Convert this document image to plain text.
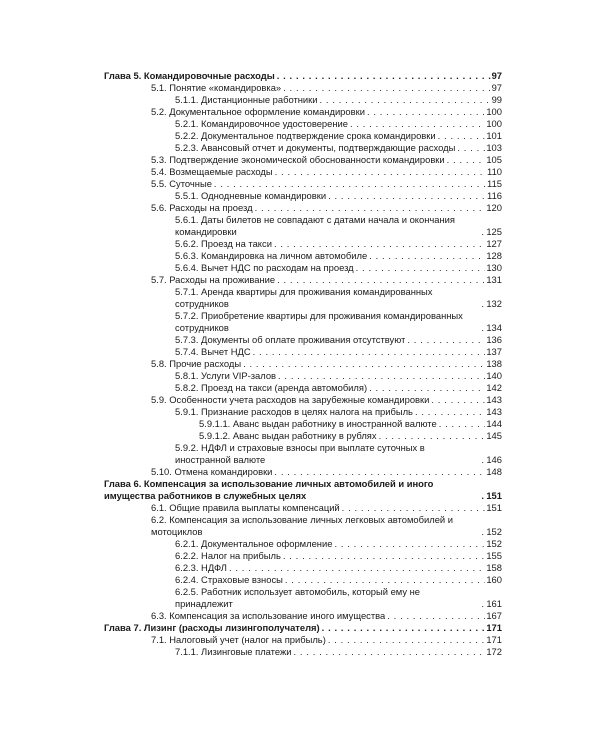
Глава 5. Командировочные расходы . . .	97
5.1. Понятие «командировка» . . .	97
5.1.1. Дистанционные работники . . .	99
5.2. Документальное оформление командировки . . .	100
5.2.1. Командировочное удостоверение . . .	100
5.2.2. Документальное подтверждение срока командировки . . .	101
5.2.3. Авансовый отчет и документы, подтверждающие расходы . . .	103
5.3. Подтверждение экономической обоснованности командировки . . .	105
5.4. Возмещаемые расходы . . .	110
5.5. Суточные . . .	115
5.5.1. Однодневные командировки . . .	116
5.6. Расходы на проезд . . .	120
5.6.1. Даты билетов не совпадают с датами начала и окончания командировки . . .	125
5.6.2. Проезд на такси . . .	127
5.6.3. Командировка на личном автомобиле . . .	128
5.6.4. Вычет НДС по расходам на проезд . . .	130
5.7. Расходы на проживание . . .	131
5.7.1. Аренда квартиры для проживания командированных сотрудников . . .	132
5.7.2. Приобретение квартиры для проживания командированных сотрудников . . .	134
5.7.3. Документы об оплате проживания отсутствуют . . .	136
5.7.4. Вычет НДС . . .	137
5.8. Прочие расходы . . .	138
5.8.1. Услуги VIP-залов . . .	140
5.8.2. Проезд на такси (аренда автомобиля) . . .	142
5.9. Особенности учета расходов на зарубежные командировки . . .	143
5.9.1. Признание расходов в целях налога на прибыль . . .	143
5.9.1.1. Аванс выдан работнику в иностранной валюте . . .	144
5.9.1.2. Аванс выдан работнику в рублях . . .	145
5.9.2. НДФЛ и страховые взносы при выплате суточных в иностранной валюте . . .	146
5.10. Отмена командировки . . .	148
Глава 6. Компенсация за использование личных автомобилей и иного имущества работников в служебных целях . . .	151
6.1. Общие правила выплаты компенсаций . . .	151
6.2. Компенсация за использование личных легковых автомобилей и мотоциклов . . .	152
6.2.1. Документальное оформление . . .	152
6.2.2. Налог на прибыль . . .	155
6.2.3. НДФЛ . . .	158
6.2.4. Страховые взносы . . .	160
6.2.5. Работник использует автомобиль, который ему не принадлежит . . .	161
6.3. Компенсация за использование иного имущества . . .	167
Глава 7. Лизинг (расходы лизингополучателя) . . .	171
7.1. Налоговый учет (налог на прибыль) . . .	171
7.1.1. Лизинговые платежи . . .	172
